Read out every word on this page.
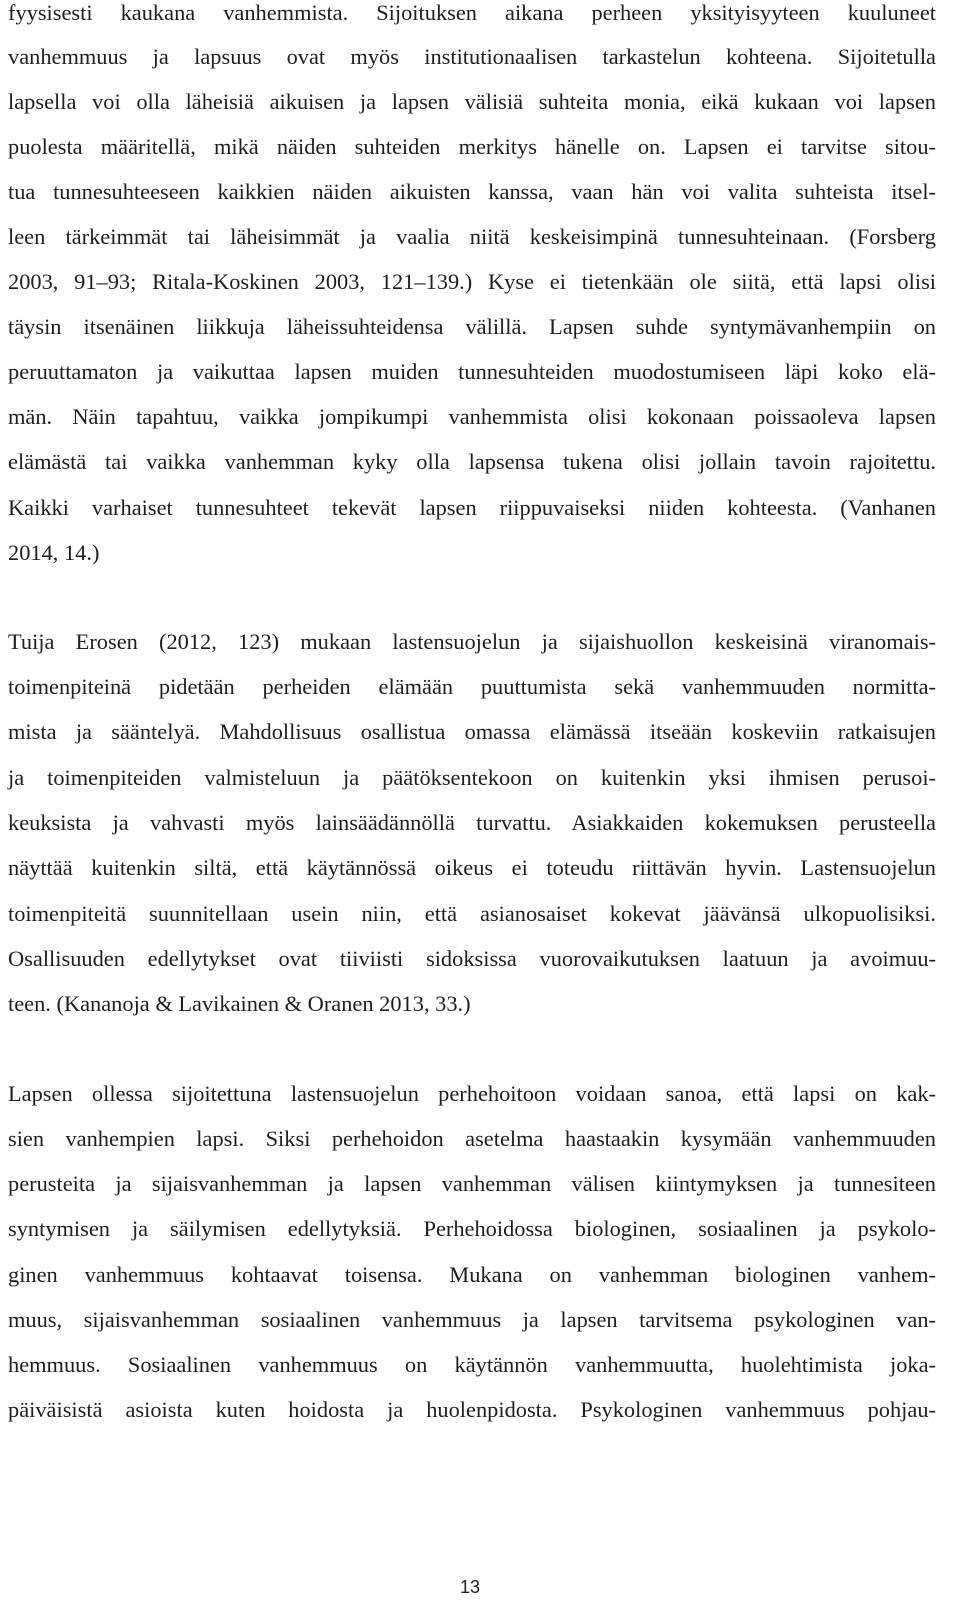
fyysisesti kaukana vanhemmista. Sijoituksen aikana perheen yksityisyyteen kuuluneet
vanhemmuus ja lapsuus ovat myös institutionaalisen tarkastelun kohteena. Sijoitetulla
lapsella voi olla läheisiä aikuisen ja lapsen välisiä suhteita monia, eikä kukaan voi lapsen
puolesta määritellä, mikä näiden suhteiden merkitys hänelle on. Lapsen ei tarvitse sitou-
tua tunnesuhteeseen kaikkien näiden aikuisten kanssa, vaan hän voi valita suhteista itsel-
leen tärkeimmät tai läheisimmät ja vaalia niitä keskeisimpinä tunnesuhteinaan. (Forsberg
2003, 91–93; Ritala-Koskinen 2003, 121–139.) Kyse ei tietenkään ole siitä, että lapsi olisi
täysin itsenäinen liikkuja läheissuhteidensa välillä. Lapsen suhde syntymävanhempiin on
peruuttamaton ja vaikuttaa lapsen muiden tunnesuhteiden muodostumiseen läpi koko elä-
män. Näin tapahtuu, vaikka jompikumpi vanhemmista olisi kokonaan poissaoleva lapsen
elämästä tai vaikka vanhemman kyky olla lapsensa tukena olisi jollain tavoin rajoitettu.
Kaikki varhaiset tunnesuhteet tekevät lapsen riippuvaiseksi niiden kohteesta. (Vanhanen
2014, 14.)
Tuija Erosen (2012, 123) mukaan lastensuojelun ja sijaishuollon keskeisinä viranomais-
toimenpiteinä pidetään perheiden elämään puuttumista sekä vanhemmuuden normitta-
mista ja sääntelyä. Mahdollisuus osallistua omassa elämässä itseään koskeviin ratkaisujen
ja toimenpiteiden valmisteluun ja päätöksentekoon on kuitenkin yksi ihmisen perusoi-
keuksista ja vahvasti myös lainsäädännöllä turvattu. Asiakkaiden kokemuksen perusteella
näyttää kuitenkin siltä, että käytännössä oikeus ei toteudu riittävän hyvin. Lastensuojelun
toimenpiteitä suunnitellaan usein niin, että asianosaiset kokevat jäävänsä ulkopuolisiksi.
Osallisuuden edellytykset ovat tiiviisti sidoksissa vuorovaikutuksen laatuun ja avoimuu-
teen. (Kananoja & Lavikainen & Oranen 2013, 33.)
Lapsen ollessa sijoitettuna lastensuojelun perhehoitoon voidaan sanoa, että lapsi on kak-
sien vanhempien lapsi. Siksi perhehoidon asetelma haastaakin kysymään vanhemmuuden
perusteita ja sijaisvanhemman ja lapsen vanhemman välisen kiintymyksen ja tunnesiteen
syntymisen ja säilymisen edellytyksiä. Perhehoidossa biologinen, sosiaalinen ja psykolo-
ginen vanhemmuus kohtaavat toisensa. Mukana on vanhemman biologinen vanhem-
muus, sijaisvanhemman sosiaalinen vanhemmuus ja lapsen tarvitsema psykologinen van-
hemmuus. Sosiaalinen vanhemmuus on käytännön vanhemmuutta, huolehtimista joka-
päiväisistä asioista kuten hoidosta ja huolenpidosta. Psykologinen vanhemmuus pohjau-
13
